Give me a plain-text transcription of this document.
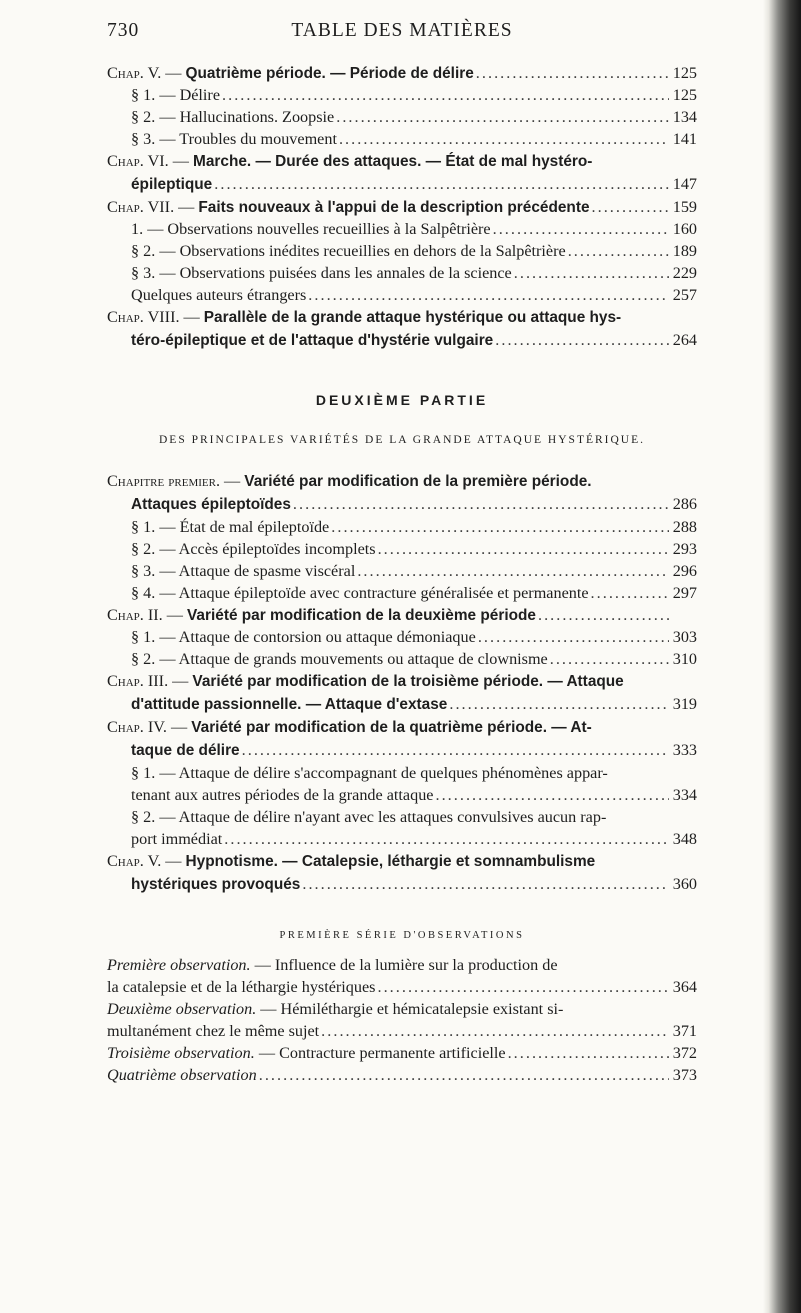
730	TABLE DES MATIÈRES
Chap. V. — Quatrième période. — Période de délire . . .	125
§ 1. — Délire . . .	125
§ 2. — Hallucinations. Zoopsie . . .	134
§ 3. — Troubles du mouvement . . .	141
Chap. VI. — Marche. — Durée des attaques. — État de mal hystéro-
épileptique . . .	147
Chap. VII. — Faits nouveaux à l'appui de la description précédente . . .	159
1. — Observations nouvelles recueillies à la Salpêtrière . . .	160
§ 2. — Observations inédites recueillies en dehors de la Salpêtrière . . .	189
§ 3. — Observations puisées dans les annales de la science . . .	229
Quelques auteurs étrangers . . .	257
Chap. VIII. — Parallèle de la grande attaque hystérique ou attaque hys-
téro-épileptique et de l'attaque d'hystérie vulgaire . . .	264
DEUXIÈME PARTIE
DES PRINCIPALES VARIÉTÉS DE LA GRANDE ATTAQUE HYSTÉRIQUE.
Chapitre premier. — Variété par modification de la première période.
Attaques épileptoïdes . . .	286
§ 1. — État de mal épileptoïde . . .	288
§ 2. — Accès épileptoïdes incomplets . . .	293
§ 3. — Attaque de spasme viscéral . . .	296
§ 4. — Attaque épileptoïde avec contracture généralisée et permanente . . .	297
Chap. II. — Variété par modification de la deuxième période
. . .
§ 1. — Attaque de contorsion ou attaque démoniaque . . .	303
§ 2. — Attaque de grands mouvements ou attaque de clownisme . . .	310
Chap. III. — Variété par modification de la troisième période. — Attaque
d'attitude passionnelle. — Attaque d'extase . . .	319
Chap. IV. — Variété par modification de la quatrième période. — At-
taque de délire . . .	333
§ 1. — Attaque de délire s'accompagnant de quelques phénomènes appar-
tenant aux autres périodes de la grande attaque . . .	334
§ 2. — Attaque de délire n'ayant avec les attaques convulsives aucun rap-
port immédiat . . .	348
Chap. V. — Hypnotisme. — Catalepsie, léthargie et somnambulisme
hystériques provoqués . . .	360
PREMIÈRE SÉRIE D'OBSERVATIONS
Première observation. — Influence de la lumière sur la production de
la catalepsie et de la léthargie hystériques . . .	364
Deuxième observation. — Hémiléthargie et hémicatalepsie existant si-
multanément chez le même sujet . . .	371
Troisième observation. — Contracture permanente artificielle . . .	372
Quatrième observation . . .	373
